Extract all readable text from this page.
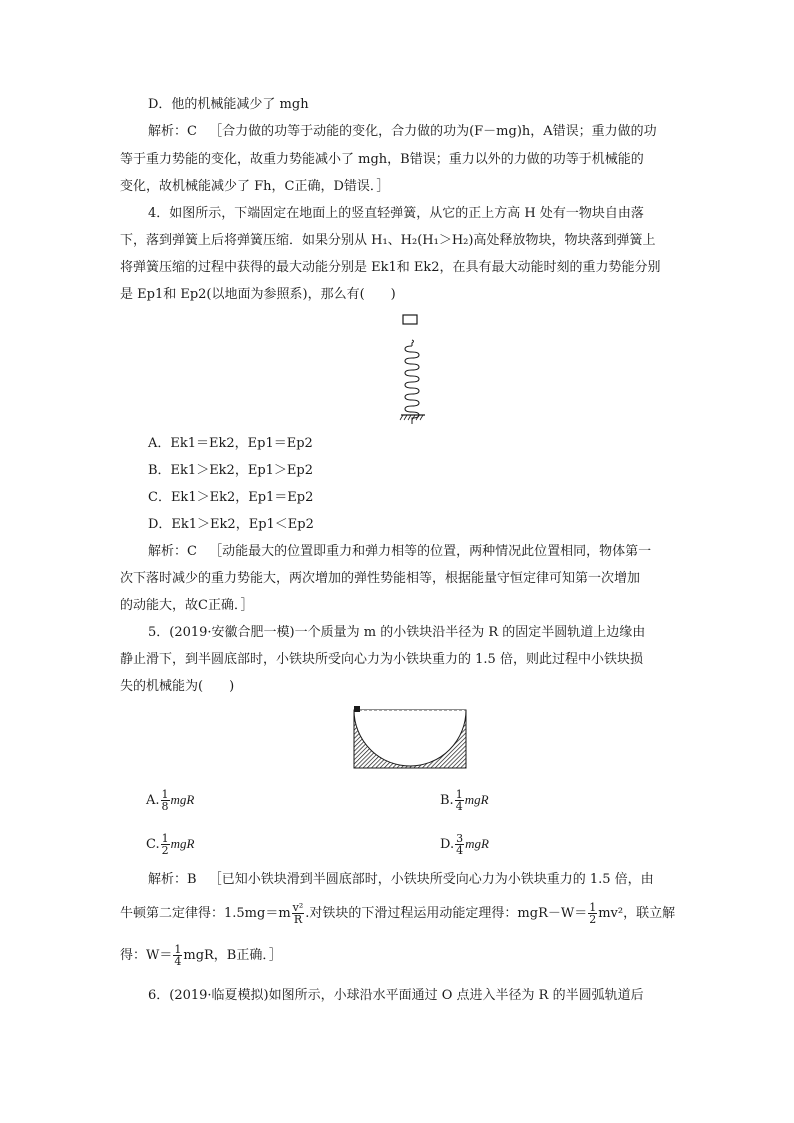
D．他的机械能减少了 mgh
解析：C ［合力做的功等于动能的变化，合力做的功为(F－mg)h，A错误；重力做的功
等于重力势能的变化，故重力势能减小了 mgh，B错误；重力以外的力做的功等于机械能的
变化，故机械能减少了 Fh，C正确，D错误．］
4．如图所示，下端固定在地面上的竖直轻弹簧，从它的正上方高 H 处有一物块自由落
下，落到弹簧上后将弹簧压缩．如果分别从 H₁、H₂(H₁＞H₂)高处释放物块，物块落到弹簧上
将弹簧压缩的过程中获得的最大动能分别是 Ek1和 Ek2，在具有最大动能时刻的重力势能分别
是 Ep1和 Ep2(以地面为参照系)，那么有(　　)
A．Ek1＝Ek2，Ep1＝Ep2
B．Ek1＞Ek2，Ep1＞Ep2
C．Ek1＞Ek2，Ep1＝Ep2
D．Ek1＞Ek2，Ep1＜Ep2
解析：C ［动能最大的位置即重力和弹力相等的位置，两种情况此位置相同，物体第一
次下落时减少的重力势能大，两次增加的弹性势能相等，根据能量守恒定律可知第一次增加
的动能大，故C正确．］
5．(2019·安徽合肥一模)一个质量为 m 的小铁块沿半径为 R 的固定半圆轨道上边缘由
静止滑下，到半圆底部时，小铁块所受向心力为小铁块重力的 1.5 倍，则此过程中小铁块损
失的机械能为(　　)
A. $\frac{1}{8}$ mgR	B. $\frac{1}{4}$ mgR
C. $\frac{1}{2}$ mgR	D. $\frac{3}{4}$ mgR
解析：B ［已知小铁块滑到半圆底部时，小铁块所受向心力为小铁块重力的 1.5 倍，由
牛顿第二定律得：$1.5mg=m \frac{\text{v²}}{R}$ .对铁块的下滑过程运用动能定理得：$mgR-W= \frac{1}{2} mv^2$，联立解
得：$W= \frac{1}{4}$ mgR，B正确．］
6．(2019·临夏模拟)如图所示，小球沿水平面通过 O 点进入半径为 R 的半圆弧轨道后
